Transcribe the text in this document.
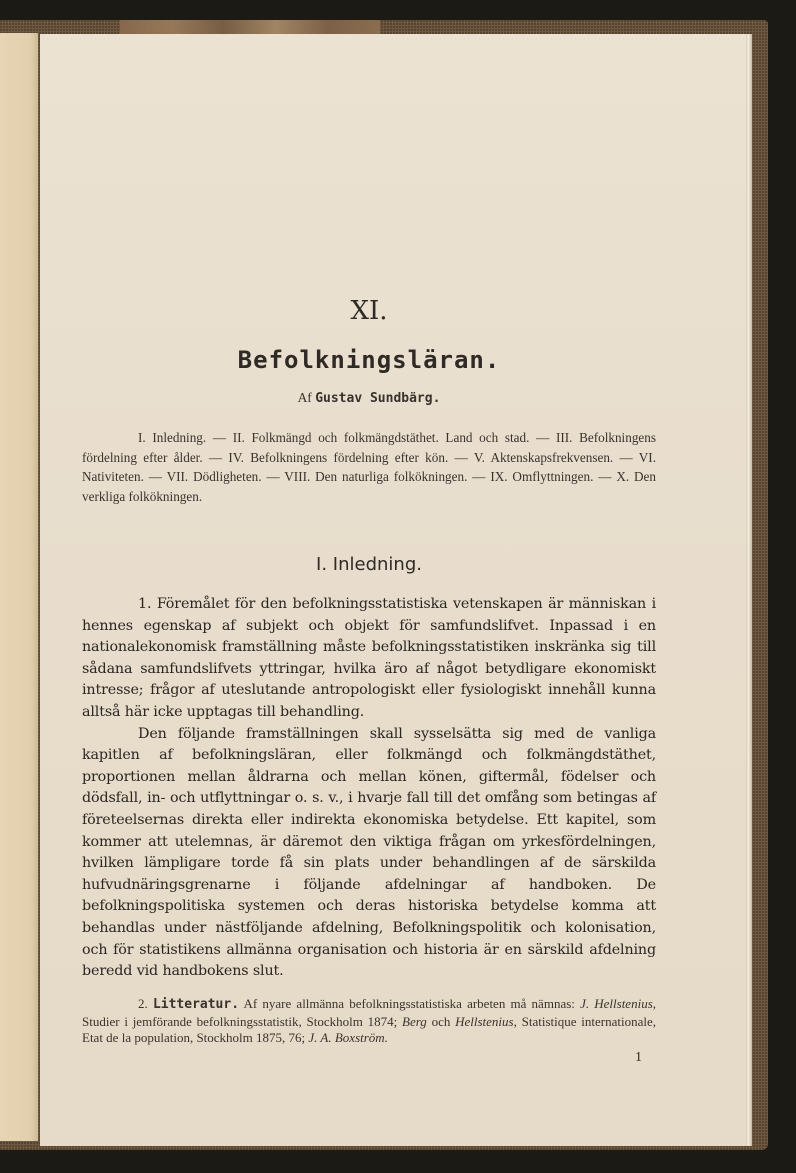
XI.
Befolkningsläran.
Af Gustav Sundbärg.
I. Inledning. — II. Folkmängd och folkmängdstäthet. Land och stad. — III. Befolkningens fördelning efter ålder. — IV. Befolkningens fördelning efter kön. — V. Aktenskapsfrekvensen. — VI. Nativiteten. — VII. Dödligheten. — VIII. Den naturliga folkökningen. — IX. Omflyttningen. — X. Den verkliga folkökningen.
I. Inledning.

1. Föremålet för den befolkningsstatistiska vetenskapen är människan i hennes egenskap af subjekt och objekt för samfundslifvet. Inpassad i en nationalekonomisk framställning måste befolkningsstatistiken inskränka sig till sådana samfundslifvets yttringar, hvilka äro af något betydligare ekonomiskt intresse; frågor af uteslutande antropologiskt eller fysiologiskt innehåll kunna alltså här icke upptagas till behandling.

Den följande framställningen skall sysselsätta sig med de vanliga kapitlen af befolkningsläran, eller folkmängd och folkmängdstäthet, proportionen mellan åldrarna och mellan könen, giftermål, födelser och dödsfall, in- och utflyttningar o. s. v., i hvarje fall till det omfång som betingas af företeelsernas direkta eller indirekta ekonomiska betydelse. Ett kapitel, som kommer att utelemnas, är däremot den viktiga frågan om yrkesfördelningen, hvilken lämpligare torde få sin plats under behandlingen af de särskilda hufvudnäringsgrenarne i följande afdelningar af handboken. De befolkningspolitiska systemen och deras historiska betydelse komma att behandlas under nästföljande afdelning, Befolkningspolitik och kolonisation, och för statistikens allmänna organisation och historia är en särskild afdelning beredd vid handbokens slut.

2. Litteratur. Af nyare allmänna befolkningsstatistiska arbeten må nämnas: J. Hellstenius, Studier i jemförande befolkningsstatistik, Stockholm 1874; Berg och Hellstenius, Statistique internationale, Etat de la population, Stockholm 1875, 76; J. A. Boxström.

1
